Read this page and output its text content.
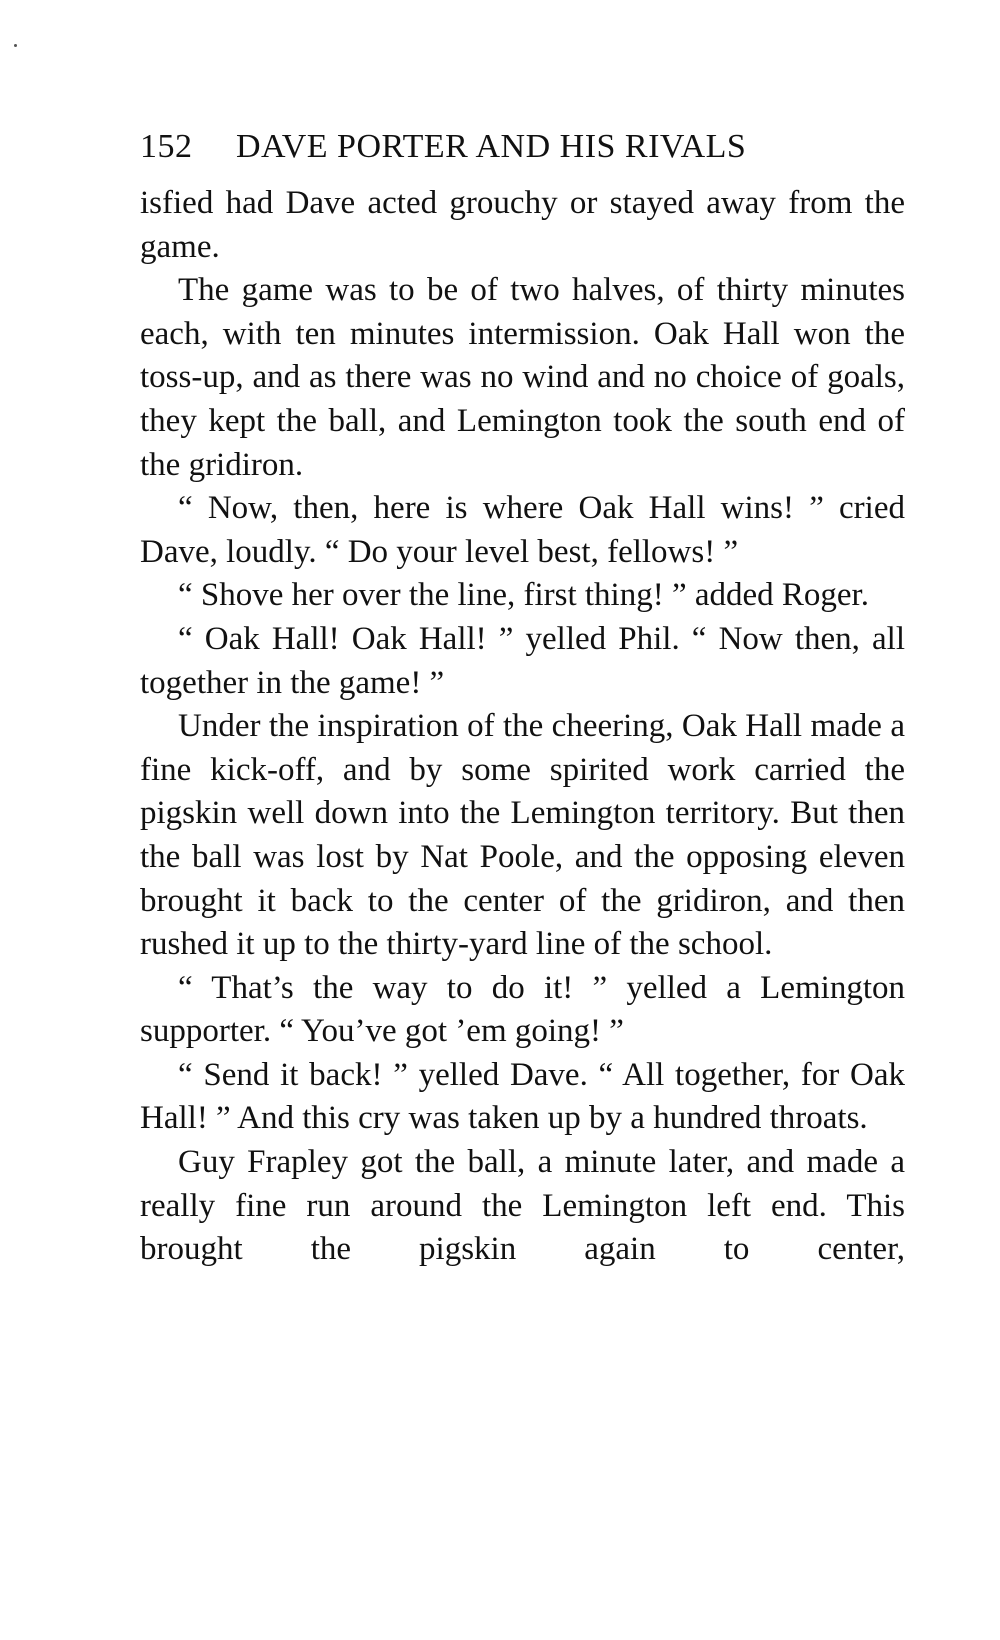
152 DAVE PORTER AND HIS RIVALS

isfied had Dave acted grouchy or stayed away from the game.

The game was to be of two halves, of thirty minutes each, with ten minutes intermission. Oak Hall won the toss-up, and as there was no wind and no choice of goals, they kept the ball, and Lemington took the south end of the gridiron.

“ Now, then, here is where Oak Hall wins! ” cried Dave, loudly. “ Do your level best, fellows! ”

“ Shove her over the line, first thing! ” added Roger.

“ Oak Hall! Oak Hall! ” yelled Phil. “ Now then, all together in the game! ”

Under the inspiration of the cheering, Oak Hall made a fine kick-off, and by some spirited work carried the pigskin well down into the Lemington territory. But then the ball was lost by Nat Poole, and the opposing eleven brought it back to the center of the gridiron, and then rushed it up to the thirty-yard line of the school.

“ That’s the way to do it! ” yelled a Lemington supporter. “ You’ve got ’em going! ”

“ Send it back! ” yelled Dave. “ All together, for Oak Hall! ” And this cry was taken up by a hundred throats.

Guy Frapley got the ball, a minute later, and made a really fine run around the Lemington left end. This brought the pigskin again to center,
